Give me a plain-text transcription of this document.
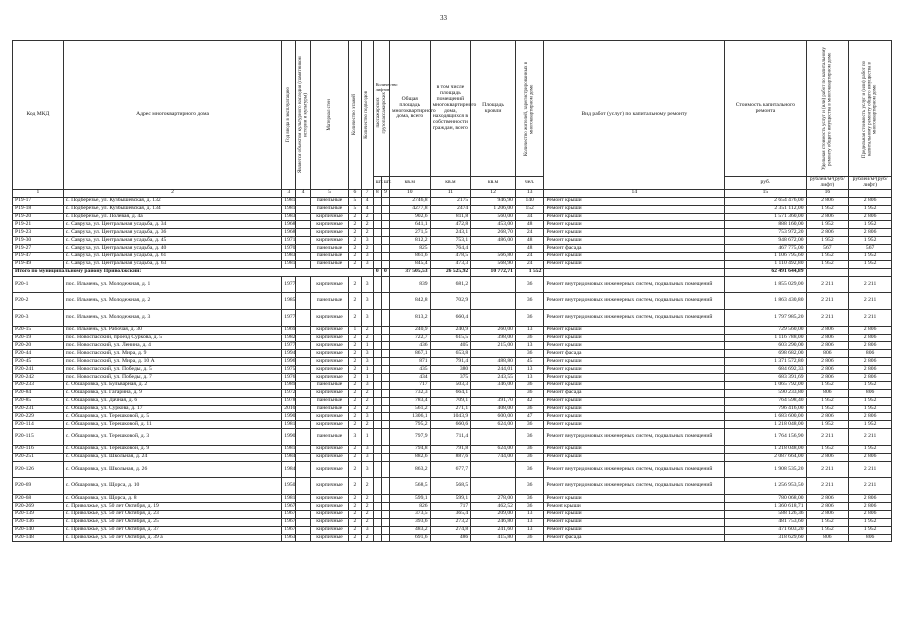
33
Код МКД	Адрес многоквартирного дома	Год ввода в эксплуатацию	Является объектом культурного наследия (памятником истории и культуры)	Материал стен	Количество этажей	Количество подъездов	Количество лифтов
пассажирских грузопассажирских		Общая площадь многоквартирного дома, всего	в том числе площадь помещений многоквартирного дома, находящихся в собственности граждан, всего	Площадь кровли	Количество жителей, зарегистрированных в многоквартирном доме	Вид работ (услуг) по капитальному ремонту	Стоимость капитального ремонта	Удельная стоимость услуг и (или) работ по капитальному ремонту общего имущества в многоквартирном доме	Предельная стоимость услуг и (или) работ по капитальному ремонту общего имущества в многоквартирном доме

							шт.	шт.	кв.м	кв.м	кв.м	чел.		руб.	рублей/м²(руб/лифт)	рублей/м²(руб/лифт)
1	2	3	4	5	6	7	8	9	10	11	12	13	14	15	16	
Р19-17	с. Подберезье, ул. Кузбышевская, д. 132	1981		панельные	5	4			2746,8	2175	946,90	140	Ремонт крыши	2 654 476,00	2 806	2 806
Р19-18	с. Подберезье, ул. Кузбышевская, д. 134	1981		панельные	5	4			4277,8	2474	1 206,00	152	Ремонт крыши	2 351 112,00	1 952	1 952
Р19-20	с. Подберезье, ул. Полевая, д. 4а	1983		кирпичные	2	2			902,6	811,8	560,00	34	Ремонт крыши	1 571 360,00	2 806	2 806
Р19-21	с. Савруха, ул. Центральная усадьба, д. 34	1968		кирпичные	2	2			641,1	472,8	453,00	48	Ремонт крыши	888 160,00	1 952	1 952
Р19-23	с. Савруха, ул. Центральная усадьба, д. 36	1968		кирпичные	2	2			271,5	243,1	268,70	24	Ремонт крыши	753 972,20	2 806	2 806
Р19-30	с. Савруха, ул. Центральная усадьба, д. 45	1971		кирпичные	2	3			812,2	753,1	486,00	48	Ремонт крыши	948 672,00	1 952	1 952
Р19-27	с. Савруха, ул. Центральная усадьба, д. 40	1970		панельные	2	2			825	764,4		48	Ремонт фасада	467 775,00	567	567
Р19-47	с. Савруха, ул. Центральная усадьба, д. 61	1983		панельные	2	3			861,6	478,5	566,80	24	Ремонт крыши	1 106 795,60	1 952	1 952
Р19-49	с. Савруха, ул. Центральная усадьба, д. 63	1981		панельные	2	3			845,4	473,3	568,90	24	Ремонт крыши	1 110 492,80	1 952	1 952
Итого по муниципальному району Приволжский:							0	0	37 505,53	26 525,92	10 772,71	1 552		62 491 644,89		
Р20-1	пос. Ильмень, ул. Молодежная, д. 1	1977		кирпичные	2	3			839	681,2		36	Ремонт внутридомовых инженерных систем, подвальных помещений	1 855 029,00	2 211	2 211
Р20-2	пос. Ильмень, ул. Молодежная, д. 2	1985		панельные	2	3			842,8	702,9		36	Ремонт внутридомовых инженерных систем, подвальных помещений	1 863 430,80	2 211	2 211
Р20-3	пос. Ильмень, ул. Молодежная, д. 3	1977		кирпичные	2	3			813,2	660,4		36	Ремонт внутридомовых инженерных систем, подвальных помещений	1 797 985,20	2 211	2 211
Р20-15	пос. Ильмень, ул. Рабочая, д. 30	1969		кирпичные	1	2			240,9	240,9	260,00	13	Ремонт крыши	729 560,00	2 806	2 806
Р20-19	пос. Новоспасский, проезд Суркова, д. 5	1982		кирпичные	2	2			722,7	615,5	398,00	36	Ремонт крыши	1 116 788,00	2 806	2 806
Р20-20	пос. Новоспасский, ул. Ленина, д. 4	1977		кирпичные	2	1			436	405	215,00	13	Ремонт крыши	603 290,00	2 806	2 806
Р20-44	пос. Новоспасский, ул. Мира, д. 9	1994		кирпичные	2	3			867,1	653,8		36	Ремонт фасада	698 682,00	806	806
Р20-45	пос. Новоспасский, ул. Мира, д. 10 А	1996		кирпичные	2	3			871	791,4	488,80	45	Ремонт крыши	1 371 572,80	2 806	2 806
Р20-241	пос. Новоспасский, ул. Победы, д. 5	1975		кирпичные	2	1			435	380	244,01	13	Ремонт крыши	684 692,33	2 806	2 806
Р20-242	пос. Новоспасский, ул. Победы, д. 7	1976		кирпичные	2	1			434	375	243,55	13	Ремонт крыши	683 391,69	2 806	2 806
Р20-233	с. Обшаровка, ул. Бульварная, д. 2	1989		панельные	2	3			717	503,3	346,00	36	Ремонт крыши	1 065 792,00	1 952	1 952
Р20-84	с. Обшаровка, ул. Гагарина, д. 9	1972		кирпичные	2	2			732,3	664,1		36	Ремонт фасада	590 233,80	806	806
Р20-85	с. Обшаровка, ул. Дачная, д. 6	1978		панельные	2	2			783,4	709,1	391,70	42	Ремонт крыши	764 598,40	1 952	1 952
Р20-231	с. Обшаровка, ул. Суркова, д. 17	2010		панельные	2	2			561,2	271,1	408,00	36	Ремонт крыши	796 416,00	1 952	1 952
Р20-229	с. Обшаровка, ул. Терешковой, д. 5	1990		кирпичные	2	3			1306,1	1043,9	600,00	47	Ремонт крыши	1 683 600,00	2 806	2 806
Р20-114	с. Обшаровка, ул. Терешковой, д. 11	1981		кирпичные	2	2			795,2	660,6	624,00	36	Ремонт крыши	1 218 048,00	1 952	1 952
Р20-115	с. Обшаровка, ул. Терешковой, д. 3	1990		панельные	3	1			797,9	711,4		36	Ремонт внутридомовых инженерных систем, подвальных помещений	1 764 156,90	2 211	2 211
Р20-116	с. Обшаровка, ул. Терешковой, д. 9	1981		кирпичные	2	3			794,8	791,8	624,00	36	Ремонт крыши	1 218 048,00	1 952	1 952
Р20-251	с. Обшаровка, ул. Школьная, д. 24	1984		кирпичные	2	3			882,6	887,6	744,00	36	Ремонт крыши	2 087 664,00	2 806	2 806
Р20-126	с. Обшаровка, ул. Школьная, д. 26	1984		кирпичные	2	3			863,2	677,7		36	Ремонт внутридомовых инженерных систем, подвальных помещений	1 908 535,20	2 211	2 211
Р20-69	с. Обшаровка, ул. Щорса, д. 10	1950		кирпичные	2	2			568,5	568,5		36	Ремонт внутридомовых инженерных систем, подвальных помещений	1 256 953,50	2 211	2 211
Р20-68	с. Обшаровка, ул. Щорса, д. 8	1981		кирпичные	2	2			599,1	599,1	278,00	36	Ремонт крыши	780 068,00	2 806	2 806
Р20-269	с. Приволжье, ул. 50 лет Октября, д. 19	1967		кирпичные	2	2			826	717	462,52	36	Ремонt крыши	1 360 618,71	2 806	2 806
Р20-139	с. Приволжье, ул. 50 лет Октября, д. 23	1967		кирпичные	2	2			373,5	365,4	209,00	13	Ремонт крыши	588 126,36	2 806	2 806
Р20-136	с. Приволжье, ул. 50 лет Октября, д. 25	1967		кирпичные	2	2			393,6	273,2	246,80	13	Ремонт крыши	481 753,60	1 952	1 952
Р20-140	с. Приволжье, ул. 50 лет Октября, д. 37	1967		кирпичные	2	3			483,2	274,8	241,60	13	Ремонт крыши	471 603,20	1 952	1 952
Р20-148	с. Приволжье, ул. 50 лет Октября, д. 39 а	1963		кирпичные	2	2			691,6	486	415,80	36	Ремонт фасада	318 629,60	806	806
